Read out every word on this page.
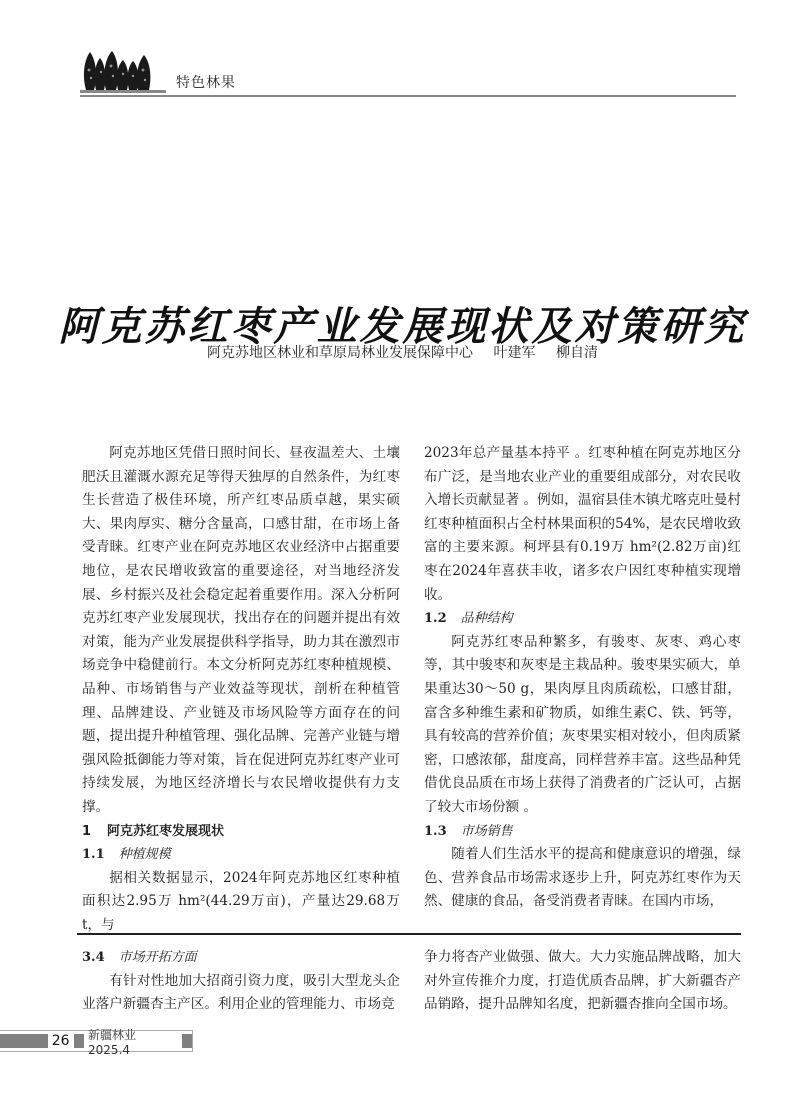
特色林果
阿克苏红枣产业发展现状及对策研究
阿克苏地区林业和草原局林业发展保障中心 叶建军 柳自清

阿克苏地区凭借日照时间长、昼夜温差大、土壤肥沃且灌溉水源充足等得天独厚的自然条件，为红枣生长营造了极佳环境，所产红枣品质卓越，果实硕大、果肉厚实、糖分含量高，口感甘甜，在市场上备受青睐。红枣产业在阿克苏地区农业经济中占据重要地位，是农民增收致富的重要途径，对当地经济发展、乡村振兴及社会稳定起着重要作用。深入分析阿克苏红枣产业发展现状，找出存在的问题并提出有效对策，能为产业发展提供科学指导，助力其在激烈市场竞争中稳健前行。本文分析阿克苏红枣种植规模、品种、市场销售与产业效益等现状，剖析在种植管理、品牌建设、产业链及市场风险等方面存在的问题，提出提升种植管理、强化品牌、完善产业链与增强风险抵御能力等对策，旨在促进阿克苏红枣产业可持续发展，为地区经济增长与农民增收提供有力支撑。

1 阿克苏红枣发展现状
1.1 种植规模

据相关数据显示，2024年阿克苏地区红枣种植面积达2.95万 hm²(44.29万亩)，产量达29.68万 t，与

2023年总产量基本持平 。红枣种植在阿克苏地区分布广泛，是当地农业产业的重要组成部分，对农民收入增长贡献显著 。例如，温宿县佳木镇尤喀克吐曼村红枣种植面积占全村林果面积的54%，是农民增收致富的主要来源。柯坪县有0.19万 hm²(2.82万亩)红枣在2024年喜获丰收，诸多农户因红枣种植实现增收。

1.2 品种结构

阿克苏红枣品种繁多，有骏枣、灰枣、鸡心枣等，其中骏枣和灰枣是主栽品种。骏枣果实硕大，单果重达30～50 g，果肉厚且肉质疏松，口感甘甜，富含多种维生素和矿物质，如维生素C、铁、钙等，具有较高的营养价值；灰枣果实相对较小，但肉质紧密，口感浓郁，甜度高，同样营养丰富。这些品种凭借优良品质在市场上获得了消费者的广泛认可，占据了较大市场份额 。

1.3 市场销售

随着人们生活水平的提高和健康意识的增强，绿色、营养食品市场需求逐步上升，阿克苏红枣作为天然、健康的食品，备受消费者青睐。在国内市场，

3.4 市场开拓方面

有针对性地加大招商引资力度，吸引大型龙头企业落户新疆杏主产区。利用企业的管理能力、市场竞

争力将杏产业做强、做大。大力实施品牌战略，加大对外宣传推介力度，打造优质杏品牌，扩大新疆杏产品销路，提升品牌知名度，把新疆杏推向全国市场。

26 新疆林业 2025.4
